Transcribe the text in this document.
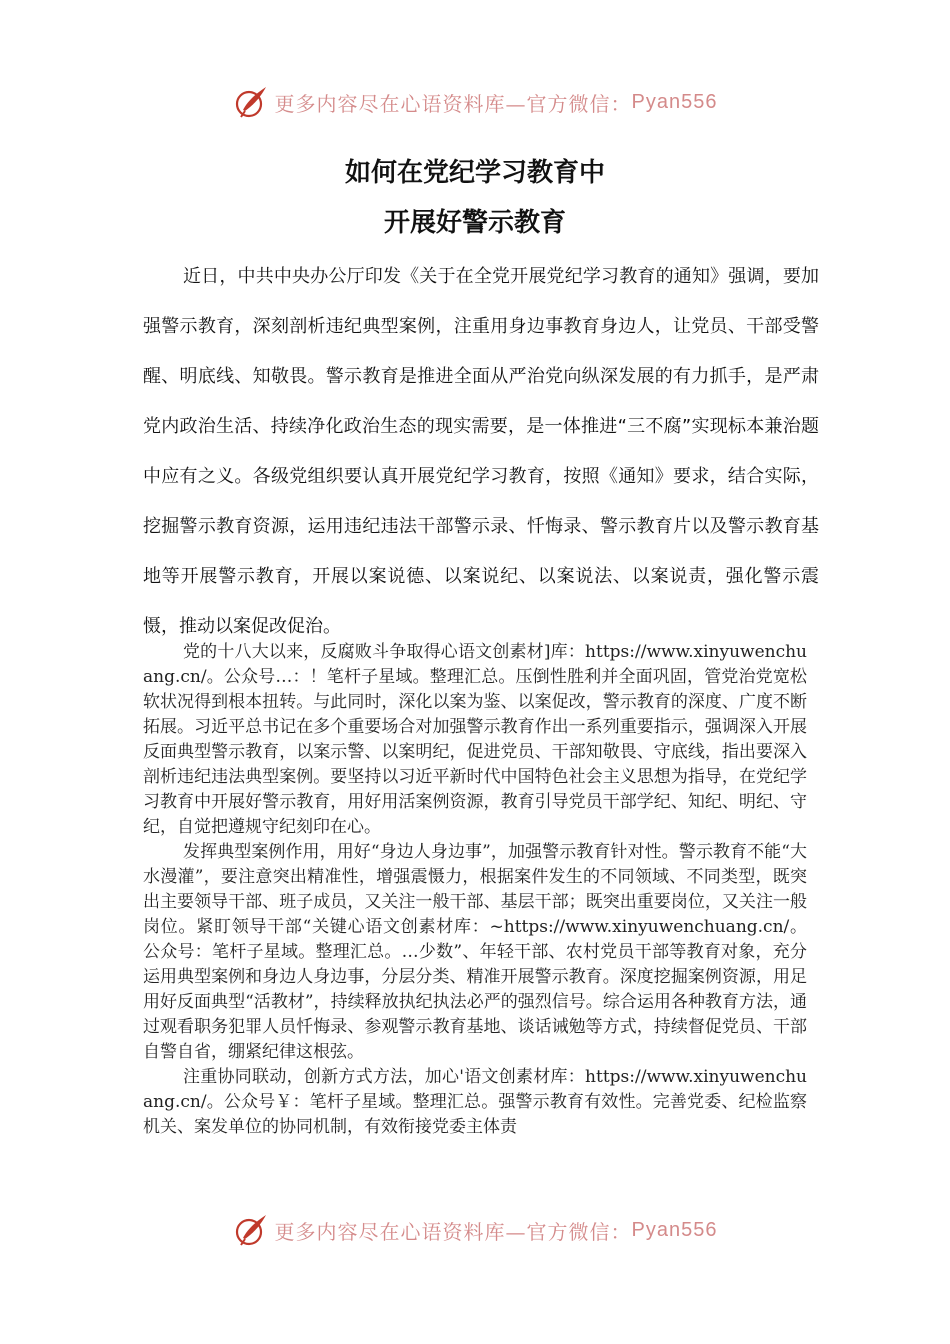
更多内容尽在心语资料库—官方微信： Pyan556
如何在党纪学习教育中
开展好警示教育

近日，中共中央办公厅印发《关于在全党开展党纪学习教育的通知》强调，要加强警示教育，深刻剖析违纪典型案例，注重用身边事教育身边人，让党员、干部受警醒、明底线、知敬畏。警示教育是推进全面从严治党向纵深发展的有力抓手，是严肃党内政治生活、持续净化政治生态的现实需要，是一体推进“三不腐”实现标本兼治题中应有之义。各级党组织要认真开展党纪学习教育，按照《通知》要求，结合实际，挖掘警示教育资源，运用违纪违法干部警示录、忏悔录、警示教育片以及警示教育基地等开展警示教育，开展以案说德、以案说纪、以案说法、以案说责，强化警示震慑，推动以案促改促治。

党的十八大以来，反腐败斗争取得心语文创素材]库：https://www.xinyuwenchuang.cn/。公众号…：！笔杆子星域。整理汇总。压倒性胜利并全面巩固，管党治党宽松软状况得到根本扭转。与此同时，深化以案为鉴、以案促改，警示教育的深度、广度不断拓展。习近平总书记在多个重要场合对加强警示教育作出一系列重要指示，强调深入开展反面典型警示教育，以案示警、以案明纪，促进党员、干部知敬畏、守底线，指出要深入剖析违纪违法典型案例。要坚持以习近平新时代中国特色社会主义思想为指导，在党纪学习教育中开展好警示教育，用好用活案例资源，教育引导党员干部学纪、知纪、明纪、守纪，自觉把遵规守纪刻印在心。

发挥典型案例作用，用好“身边人身边事”，加强警示教育针对性。警示教育不能“大水漫灌”，要注意突出精准性，增强震慑力，根据案件发生的不同领域、不同类型，既突出主要领导干部、班子成员，又关注一般干部、基层干部；既突出重要岗位，又关注一般岗位。紧盯领导干部“关键心语文创素材库：~https://www.xinyuwenchuang.cn/。公众号：笔杆子星域。整理汇总。…少数”、年轻干部、农村党员干部等教育对象，充分运用典型案例和身边人身边事，分层分类、精准开展警示教育。深度挖掘案例资源，用足用好反面典型“活教材”，持续释放执纪执法必严的强烈信号。综合运用各种教育方法，通过观看职务犯罪人员忏悔录、参观警示教育基地、谈话诫勉等方式，持续督促党员、干部自警自省，绷紧纪律这根弦。

注重协同联动，创新方式方法，加心'语文创素材库：https://www.xinyuwenchuang.cn/。公众号￥：笔杆子星域。整理汇总。强警示教育有效性。完善党委、纪检监察机关、案发单位的协同机制，有效衔接党委主体责

更多内容尽在心语资料库—官方微信： Pyan556
